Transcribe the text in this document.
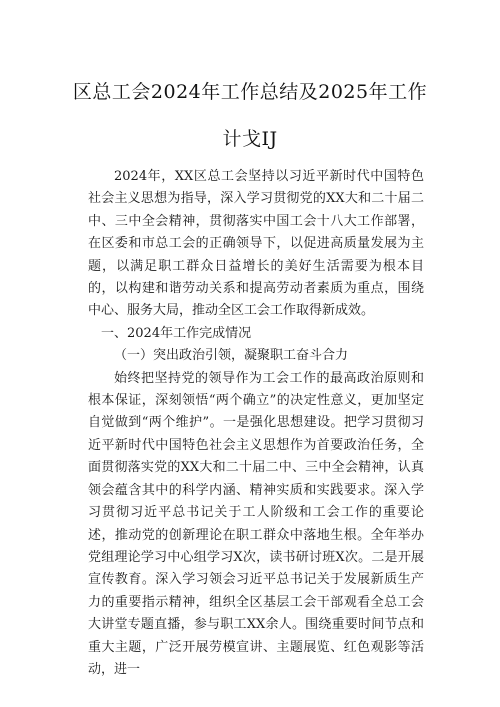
区总工会2024年工作总结及2025年工作
计戈IJ

2024年，XX区总工会坚持以习近平新时代中国特色社会主义思想为指导，深入学习贯彻党的XX大和二十届二中、三中全会精神，贯彻落实中国工会十八大工作部署，在区委和市总工会的正确领导下，以促进高质量发展为主题，以满足职工群众日益增长的美好生活需要为根本目的，以构建和谐劳动关系和提高劳动者素质为重点，围绕中心、服务大局，推动全区工会工作取得新成效。

一、2024年工作完成情况

（一）突出政治引领，凝聚职工奋斗合力

始终把坚持党的领导作为工会工作的最高政治原则和根本保证，深刻领悟“两个确立”的决定性意义，更加坚定自觉做到“两个维护”。一是强化思想建设。把学习贯彻习近平新时代中国特色社会主义思想作为首要政治任务，全面贯彻落实党的XX大和二十届二中、三中全会精神，认真领会蕴含其中的科学内涵、精神实质和实践要求。深入学习贯彻习近平总书记关于工人阶级和工会工作的重要论述，推动党的创新理论在职工群众中落地生根。全年举办党组理论学习中心组学习X次，读书研讨班X次。二是开展宣传教育。深入学习领会习近平总书记关于发展新质生产力的重要指示精神，组织全区基层工会干部观看全总工会大讲堂专题直播，参与职工XX余人。围绕重要时间节点和重大主题，广泛开展劳模宣讲、主题展览、红色观影等活动，进一
